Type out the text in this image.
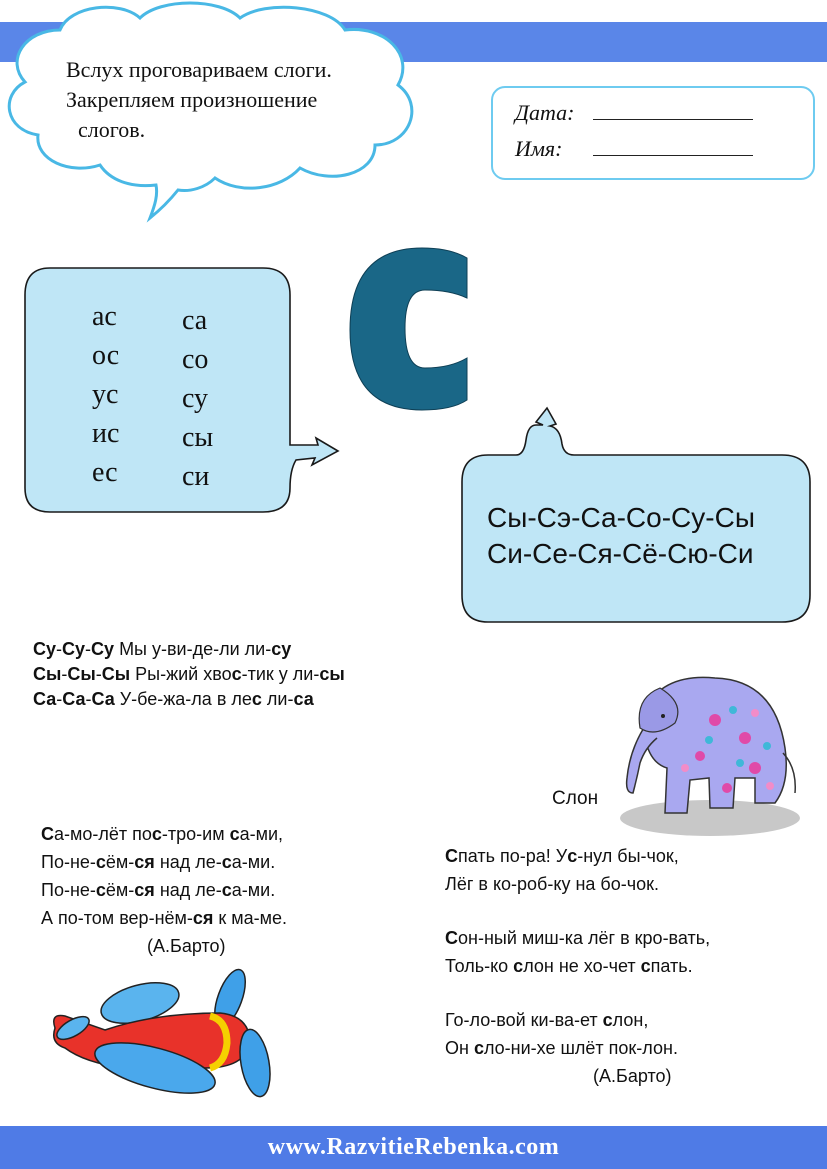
Вслух проговариваем слоги.
Закрепляем произношение
слогов.
Дата:
Имя:
ас
ос
ус
ис
ес
са
со
су
сы
си
Сы-Сэ-Са-Со-Су-Сы
Си-Се-Ся-Сё-Сю-Си
Су-Су-Су Мы у-ви-де-ли ли-су
Сы-Сы-Сы Ры-жий хвос-тик у ли-сы
Са-Са-Са У-бе-жа-ла в лес ли-са
Са-мо-лёт пос-тро-им са-ми,
По-не-сём-ся над ле-са-ми.
По-не-сём-ся над ле-са-ми.
А по-том вер-нём-ся к ма-ме.
(А.Барто)
Слон
Спать по-ра! Ус-нул бы-чок,
Лёг в ко-роб-ку на бо-чок.
Сон-ный миш-ка лёг в кро-вать,
Толь-ко слон не хо-чет спать.
Го-ло-вой ки-ва-ет слон,
Он сло-ни-хе шлёт пок-лон.
(А.Барто)
www.RazvitieRebenka.com
